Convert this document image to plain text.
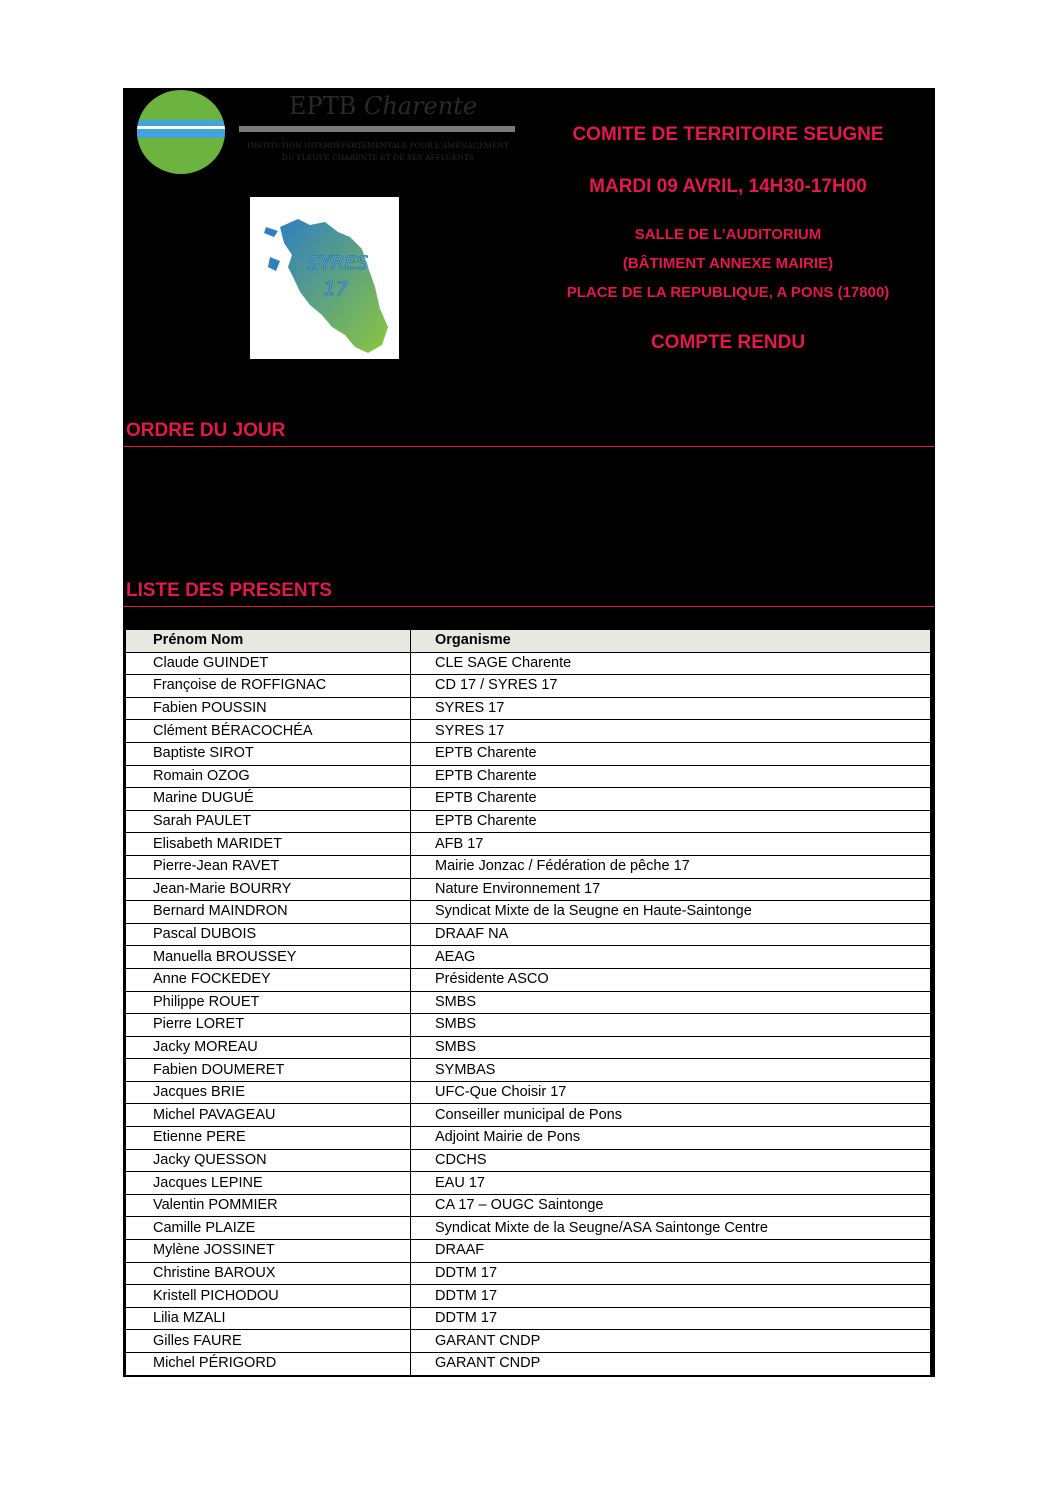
EPTB Charente
INSTITUTION INTERDÉPARTEMENTALE POUR L'AMÉNAGEMENT
DU FLEUVE CHARENTE ET DE SES AFFLUENTS
SYRES
17
COMITE DE TERRITOIRE SEUGNE
MARDI 09 AVRIL, 14H30-17H00
SALLE DE L’AUDITORIUM
(BÂTIMENT ANNEXE MAIRIE)
PLACE DE LA REPUBLIQUE, A PONS (17800)
COMPTE RENDU
ORDRE DU JOUR
LISTE DES PRESENTS
Prénom Nom	Organisme
Claude GUINDET	CLE SAGE Charente
Françoise de ROFFIGNAC	CD 17 / SYRES 17
Fabien POUSSIN	SYRES 17
Clément BÉRACOCHÉA	SYRES 17
Baptiste SIROT	EPTB Charente
Romain OZOG	EPTB Charente
Marine DUGUÉ	EPTB Charente
Sarah PAULET	EPTB Charente
Elisabeth MARIDET	AFB 17
Pierre-Jean RAVET	Mairie Jonzac / Fédération de pêche 17
Jean-Marie BOURRY	Nature Environnement 17
Bernard MAINDRON	Syndicat Mixte de la Seugne en Haute-Saintonge
Pascal DUBOIS	DRAAF NA
Manuella BROUSSEY	AEAG
Anne FOCKEDEY	Présidente ASCO
Philippe ROUET	SMBS
Pierre LORET	SMBS
Jacky MOREAU	SMBS
Fabien DOUMERET	SYMBAS
Jacques BRIE	UFC-Que Choisir 17
Michel PAVAGEAU	Conseiller municipal de Pons
Etienne PERE	Adjoint Mairie de Pons
Jacky QUESSON	CDCHS
Jacques LEPINE	EAU 17
Valentin POMMIER	CA 17 – OUGC Saintonge
Camille PLAIZE	Syndicat Mixte de la Seugne/ASA Saintonge Centre
Mylène JOSSINET	DRAAF
Christine BAROUX	DDTM 17
Kristell PICHODOU	DDTM 17
Lilia MZALI	DDTM 17
Gilles FAURE	GARANT CNDP
Michel PÉRIGORD	GARANT CNDP
